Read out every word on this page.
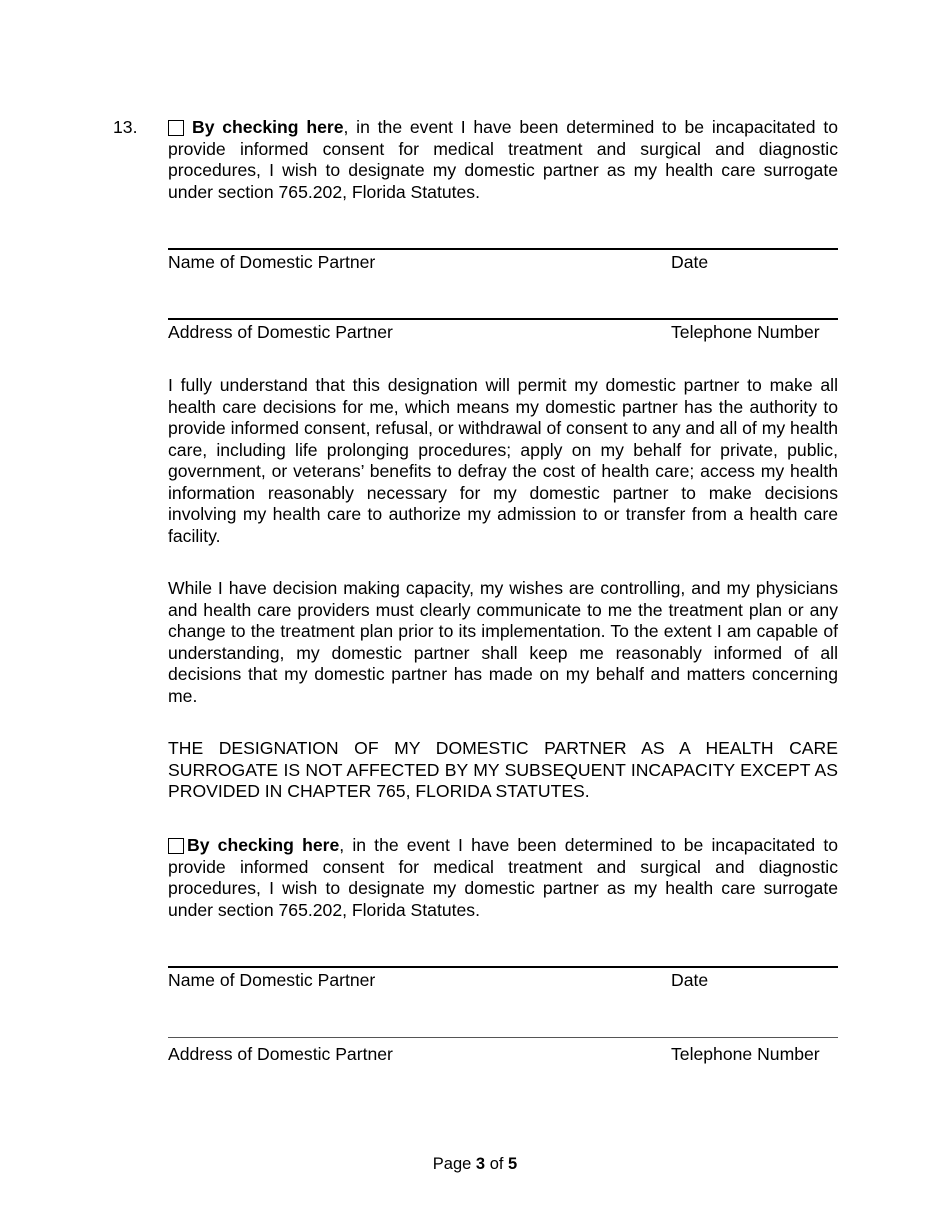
13.	By checking here, in the event I have been determined to be incapacitated to provide informed consent for medical treatment and surgical and diagnostic procedures, I wish to designate my domestic partner as my health care surrogate under section 765.202, Florida Statutes.

Name of Domestic Partner	Date
Address of Domestic Partner	Telephone Number

I fully understand that this designation will permit my domestic partner to make all health care decisions for me, which means my domestic partner has the authority to provide informed consent, refusal, or withdrawal of consent to any and all of my health care, including life prolonging procedures; apply on my behalf for private, public, government, or veterans’ benefits to defray the cost of health care; access my health information reasonably necessary for my domestic partner to make decisions involving my health care to authorize my admission to or transfer from a health care facility.

While I have decision making capacity, my wishes are controlling, and my physicians and health care providers must clearly communicate to me the treatment plan or any change to the treatment plan prior to its implementation. To the extent I am capable of understanding, my domestic partner shall keep me reasonably informed of all decisions that my domestic partner has made on my behalf and matters concerning me.

THE DESIGNATION OF MY DOMESTIC PARTNER AS A HEALTH CARE SURROGATE IS NOT AFFECTED BY MY SUBSEQUENT INCAPACITY EXCEPT AS PROVIDED IN CHAPTER 765, FLORIDA STATUTES.

By checking here, in the event I have been determined to be incapacitated to provide informed consent for medical treatment and surgical and diagnostic procedures, I wish to designate my domestic partner as my health care surrogate under section 765.202, Florida Statutes.

Name of Domestic Partner	Date
Address of Domestic Partner	Telephone Number
Page 3 of 5
